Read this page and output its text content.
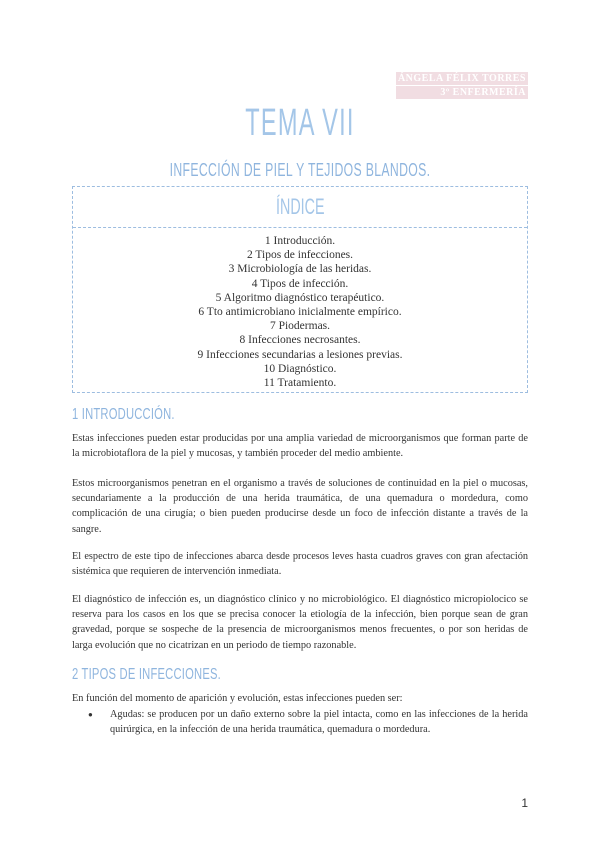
ÁNGELA FÉLIX TORRES
3º ENFERMERÍA
TEMA VII
INFECCIÓN DE PIEL Y TEJIDOS BLANDOS.
ÍNDICE
1 Introducción.
2 Tipos de infecciones.
3 Microbiología de las heridas.
4 Tipos de infección.
5 Algoritmo diagnóstico terapéutico.
6 Tto antimicrobiano inicialmente empírico.
7 Piodermas.
8 Infecciones necrosantes.
9 Infecciones secundarias a lesiones previas.
10 Diagnóstico.
11 Tratamiento.
1 INTRODUCCIÓN.

Estas infecciones pueden estar producidas por una amplia variedad de microorganismos que forman parte de la microbiotaflora de la piel y mucosas, y también proceder del medio ambiente.

Estos microorganismos penetran en el organismo a través de soluciones de continuidad en la piel o mucosas, secundariamente a la producción de una herida traumática, de una quemadura o mordedura, como complicación de una cirugía; o bien pueden producirse desde un foco de infección distante a través de la sangre.

El espectro de este tipo de infecciones abarca desde procesos leves hasta cuadros graves con gran afectación sistémica que requieren de intervención inmediata.

El diagnóstico de infección es, un diagnóstico clínico y no microbiológico. El diagnóstico micropiolocico se reserva para los casos en los que se precisa conocer la etiología de la infección, bien porque sean de gran gravedad, porque se sospeche de la presencia de microorganismos menos frecuentes, o por son heridas de larga evolución que no cicatrizan en un periodo de tiempo razonable.

2 TIPOS DE INFECCIONES.

En función del momento de aparición y evolución, estas infecciones pueden ser:

● Agudas: se producen por un daño externo sobre la piel intacta, como en las infecciones de la herida quirúrgica, en la infección de una herida traumática, quemadura o mordedura.
1
